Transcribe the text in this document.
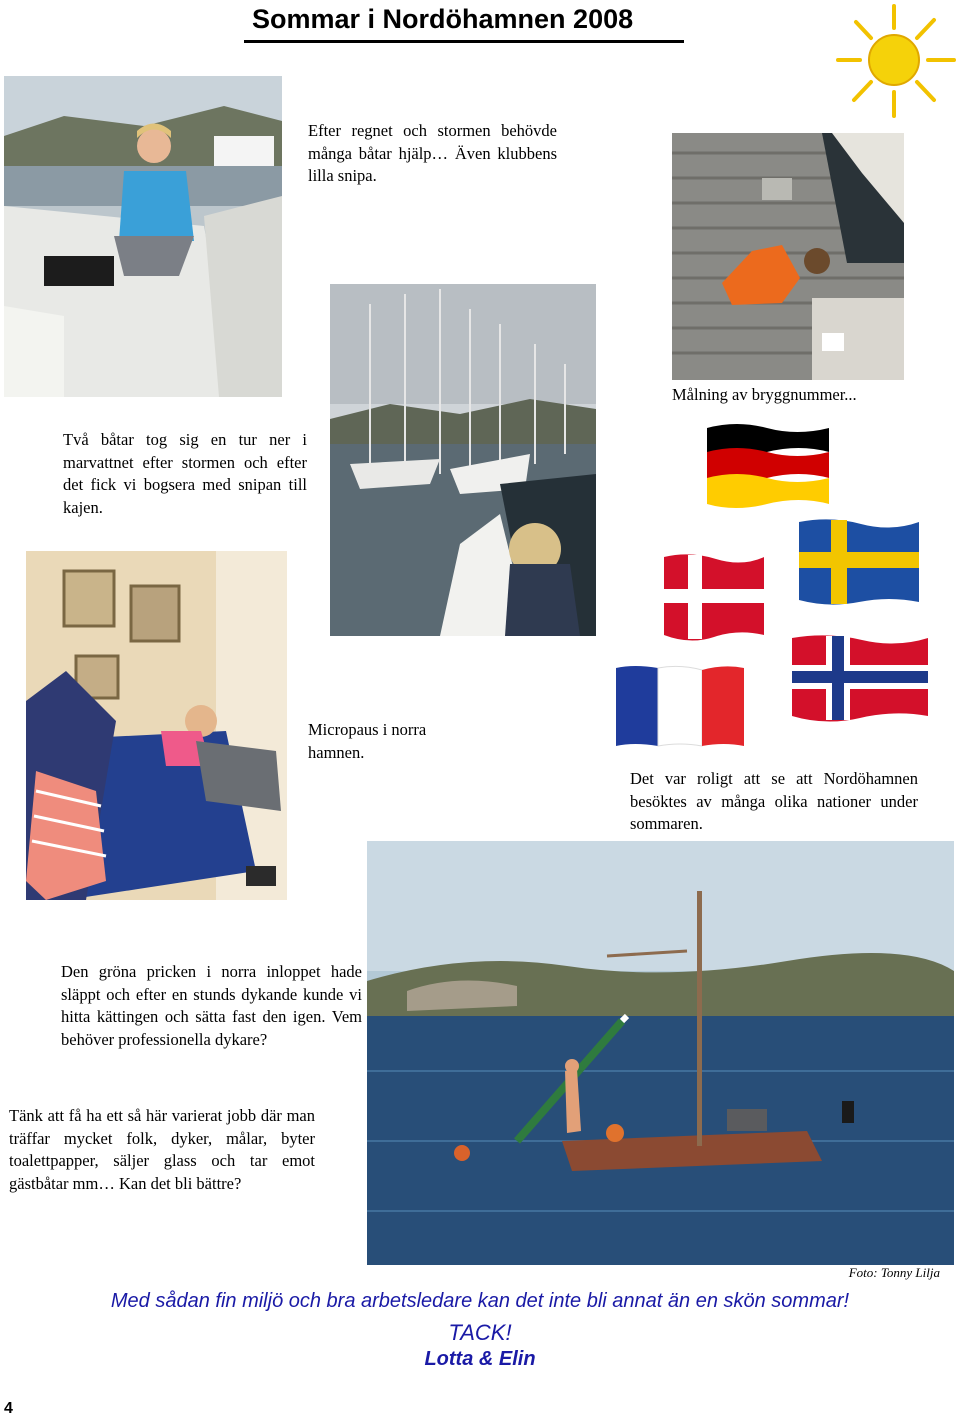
Sommar i Nordöhamnen 2008
Efter regnet och stormen behövde många båtar hjälp… Även klubbens lilla snipa.
Målning av bryggnummer...
Två båtar tog sig en tur ner i marvattnet efter stormen och efter det fick vi bogsera med snipan till kajen.
Micropaus i norra hamnen.
Det var roligt att se att Nordöhamnen besöktes av många olika nationer under sommaren.
Den gröna pricken i norra inloppet hade släppt och efter en stunds dykande kunde vi hitta kättingen och sätta fast den igen. Vem behöver professionella dykare?
Tänk att få ha ett så här varierat jobb där man träffar mycket folk, dyker, målar, byter toalettpapper, säljer glass och tar emot gästbåtar mm… Kan det bli bättre?
Foto: Tonny Lilja
Med sådan fin miljö och bra arbetsledare kan det inte bli annat än en skön sommar!
TACK!
Lotta & Elin
4
